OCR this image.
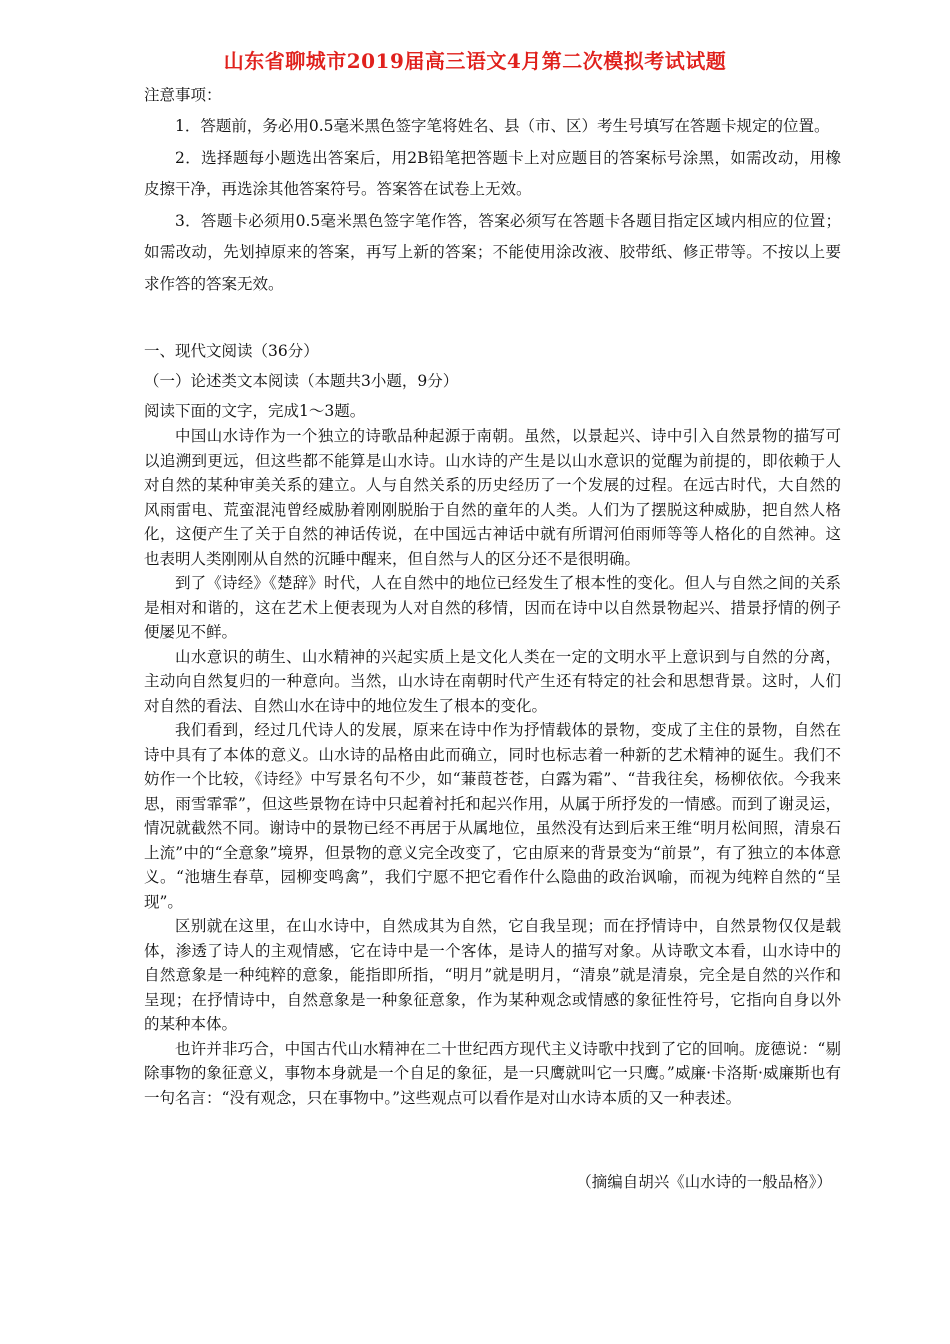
山东省聊城市2019届高三语文4月第二次模拟考试试题
注意事项：

1．答题前，务必用0.5毫米黑色签字笔将姓名、县（市、区）考生号填写在答题卡规定的位置。

2．选择题每小题选出答案后，用2B铅笔把答题卡上对应题目的答案标号涂黑，如需改动，用橡皮擦干净，再选涂其他答案符号。答案答在试卷上无效。

3．答题卡必须用0.5毫米黑色签字笔作答，答案必须写在答题卡各题目指定区域内相应的位置；如需改动，先划掉原来的答案，再写上新的答案；不能使用涂改液、胶带纸、修正带等。不按以上要求作答的答案无效。

一、现代文阅读（36分）
（一）论述类文本阅读（本题共3小题，9分）
阅读下面的文字，完成1～3题。

中国山水诗作为一个独立的诗歌品种起源于南朝。虽然，以景起兴、诗中引入自然景物的描写可以追溯到更远，但这些都不能算是山水诗。山水诗的产生是以山水意识的觉醒为前提的，即依赖于人对自然的某种审美关系的建立。人与自然关系的历史经历了一个发展的过程。在远古时代，大自然的风雨雷电、荒蛮混沌曾经威胁着刚刚脱胎于自然的童年的人类。人们为了摆脱这种威胁，把自然人格化，这便产生了关于自然的神话传说，在中国远古神话中就有所谓河伯雨师等等人格化的自然神。这也表明人类刚刚从自然的沉睡中醒来，但自然与人的区分还不是很明确。

到了《诗经》《楚辞》时代，人在自然中的地位已经发生了根本性的变化。但人与自然之间的关系是相对和谐的，这在艺术上便表现为人对自然的移情，因而在诗中以自然景物起兴、措景抒情的例子便屡见不鲜。

山水意识的萌生、山水精神的兴起实质上是文化人类在一定的文明水平上意识到与自然的分离，主动向自然复归的一种意向。当然，山水诗在南朝时代产生还有特定的社会和思想背景。这时，人们对自然的看法、自然山水在诗中的地位发生了根本的变化。

我们看到，经过几代诗人的发展，原来在诗中作为抒情载体的景物，变成了主住的景物，自然在诗中具有了本体的意义。山水诗的品格由此而确立，同时也标志着一种新的艺术精神的诞生。我们不妨作一个比较，《诗经》中写景名句不少，如“蒹葭苍苍，白露为霜”、“昔我往矣，杨柳依依。今我来思，雨雪霏霏”，但这些景物在诗中只起着衬托和起兴作用，从属于所抒发的一情感。而到了谢灵运，情况就截然不同。谢诗中的景物已经不再居于从属地位，虽然没有达到后来王维“明月松间照，清泉石上流”中的“全意象”境界，但景物的意义完全改变了，它由原来的背景变为“前景”，有了独立的本体意义。“池塘生春草，园柳变鸣禽”，我们宁愿不把它看作什么隐曲的政治讽喻，而视为纯粹自然的“呈现”。

区别就在这里，在山水诗中，自然成其为自然，它自我呈现；而在抒情诗中，自然景物仅仅是载体，渗透了诗人的主观情感，它在诗中是一个客体，是诗人的描写对象。从诗歌文本看，山水诗中的自然意象是一种纯粹的意象，能指即所指，“明月”就是明月，“清泉”就是清泉，完全是自然的兴作和呈现；在抒情诗中，自然意象是一种象征意象，作为某种观念或情感的象征性符号，它指向自身以外的某种本体。

也许并非巧合，中国古代山水精神在二十世纪西方现代主义诗歌中找到了它的回响。庞德说：“剔除事物的象征意义，事物本身就是一个自足的象征，是一只鹰就叫它一只鹰。”威廉·卡洛斯·威廉斯也有一句名言：“没有观念，只在事物中。”这些观点可以看作是对山水诗本质的又一种表述。

（摘编自胡兴《山水诗的一般品格》）
